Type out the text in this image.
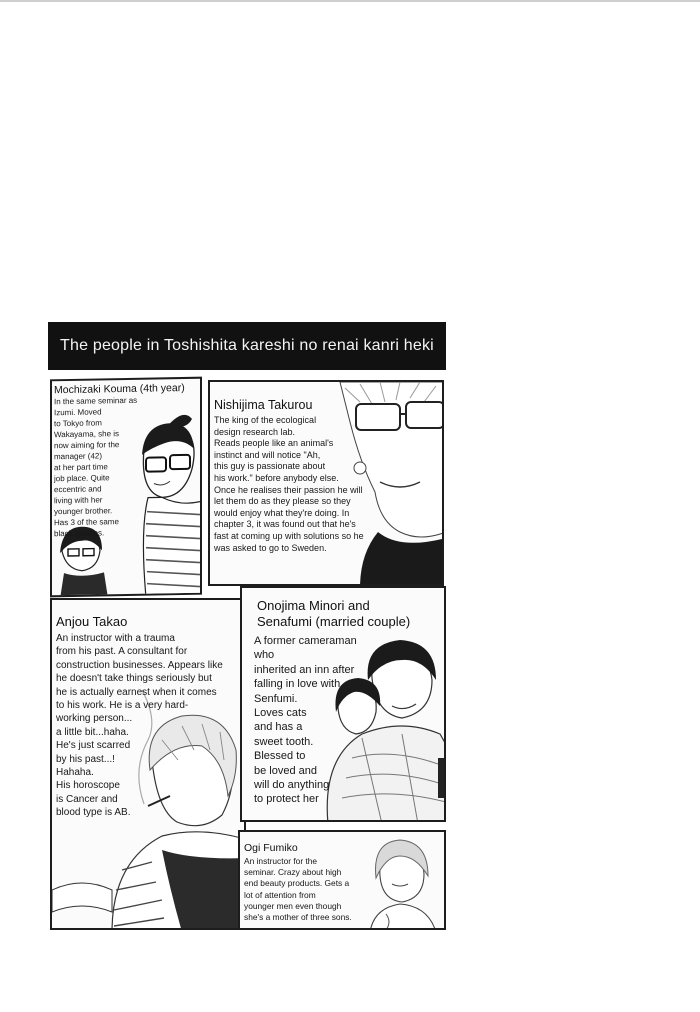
The people in Toshishita kareshi no renai kanri heki
Mochizaki Kouma (4th year)
In the same seminar as Izumi. Moved
to Tokyo from Wakayama, she is
now aiming for the
manager (42)
at her part time
job place. Quite
eccentric and
living with her
younger brother.
Has 3 of the same
black glasses.
Nishijima Takurou
The king of the ecological
design research lab.
Reads people like an animal's
instinct and will notice "Ah,
this guy is passionate about
his work." before anybody else.
Once he realises their passion he will
let them do as they please so they
would enjoy what they're doing. In
chapter 3, it was found out that he's
fast at coming up with solutions so he
was asked to go to Sweden.
Anjou Takao
An instructor with a trauma
from his past. A consultant for
construction businesses. Appears like
he doesn't take things seriously but
he is actually earnest when it comes
to his work. He is a very hard-
working person...
a little bit...haha.
He's just scarred
by his past...!
Hahaha.
His horoscope
is Cancer and
blood type is AB.
Onojima Minori and
Senafumi (married couple)
A former cameraman who
inherited an inn after
falling in love with
Senfumi.
Loves cats
and has a
sweet tooth.
Blessed to
be loved and
will do anything
to protect her
Ogi Fumiko
An instructor for the
seminar. Crazy about high
end beauty products. Gets a
lot of attention from
younger men even though
she's a mother of three sons.
